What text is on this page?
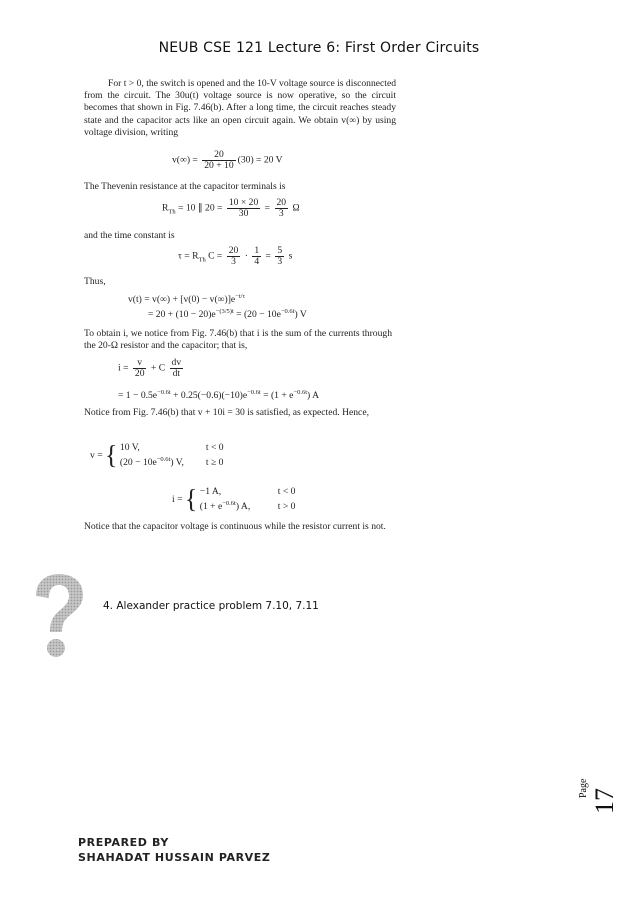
NEUB CSE 121 Lecture 6: First Order Circuits

For t > 0, the switch is opened and the 10-V voltage source is disconnected from the circuit. The 30u(t) voltage source is now operative, so the circuit becomes that shown in Fig. 7.46(b). After a long time, the circuit reaches steady state and the capacitor acts like an open circuit again. We obtain v(∞) by using voltage division, writing

$v(\infty) = \frac{20}{20 + 10} (30) = 20$ V
The Thevenin resistance at the capacitor terminals is
$R_{Th} = 10$ ∥ $20 = \frac{10 \times 20}{30} = \frac{20}{3}$ Ω
and the time constant is
$\tau = R_{Th}$ $C = \frac{20}{3} \cdot \frac{1}{4} = \frac{5}{3}$ s
Thus,
$v(t) = v(\infty) + [v(0) - v(\infty)]e^{-t/\tau}$
= $20 + (10 - 20)e^{-(3/5)t} = (20 - 10e^{-0.6t})$ V
To obtain i, we notice from Fig. 7.46(b) that i is the sum of the currents through the 20-Ω resistor and the capacitor; that is,
$i = \frac{v}{20} + C \frac{dv}{dt}$
= $1 - 0.5e^{-0.6t} + 0.25(-0.6)(-10)e^{-0.6t} = (1 + e^{-0.6t})$ A
Notice from Fig. 7.46(b) that v + 10i = 30 is satisfied, as expected. Hence,
v = { 10 V,	t < 0
$(20 - 10e^{-0.6t})$ V, t ≥ 0
i = { −1 A,	t < 0
$(1 + e^{-0.6t})$ A,	t > 0
Notice that the capacitor voltage is continuous while the resistor current is not.
4. Alexander practice problem 7.10, 7.11
Page 17
PREPARED BY
SHAHADAT HUSSAIN PARVEZ
